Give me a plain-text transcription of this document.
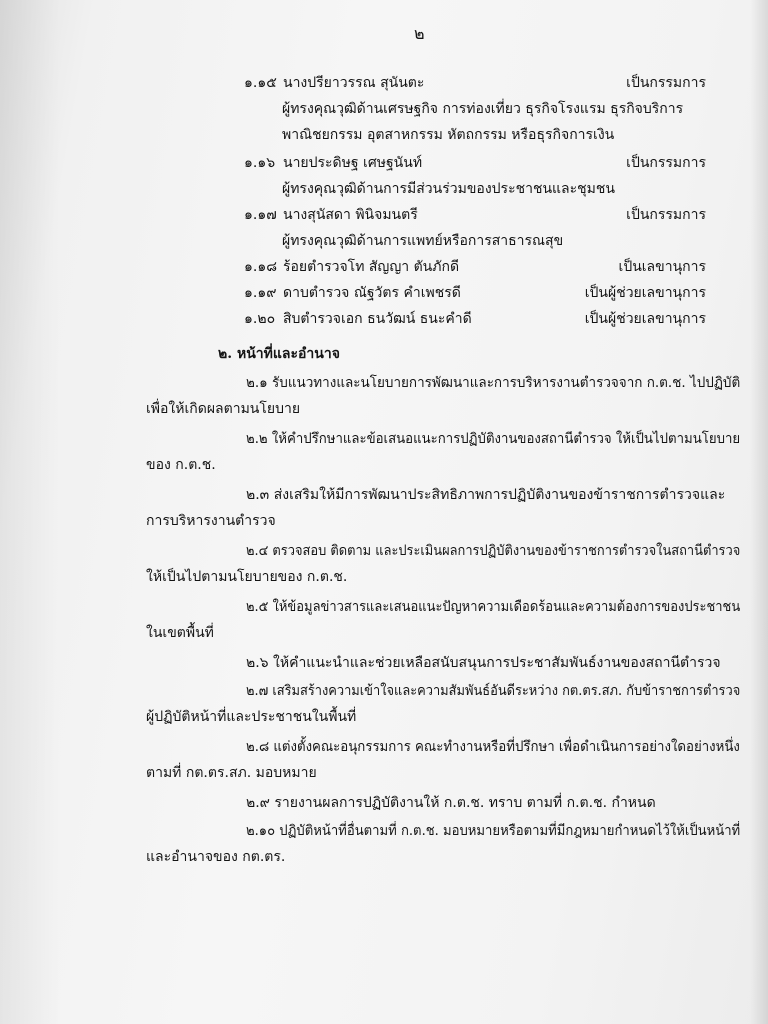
๒
๑.๑๕ นางปรียาวรรณ สุนันตะ	เป็นกรรมการ
ผู้ทรงคุณวุฒิด้านเศรษฐกิจ การท่องเที่ยว ธุรกิจโรงแรม ธุรกิจบริการ
พาณิชยกรรม อุตสาหกรรม หัตถกรรม หรือธุรกิจการเงิน
๑.๑๖ นายประดิษฐ เศษฐนันท์	เป็นกรรมการ
ผู้ทรงคุณวุฒิด้านการมีส่วนร่วมของประชาชนและชุมชน
๑.๑๗ นางสุนัสดา พินิจมนตรี	เป็นกรรมการ
ผู้ทรงคุณวุฒิด้านการแพทย์หรือการสาธารณสุข
๑.๑๘ ร้อยตำรวจโท สัญญา ตันภักดี	เป็นเลขานุการ
๑.๑๙ ดาบตำรวจ ณัฐวัตร คำเพชรดี	เป็นผู้ช่วยเลขานุการ
๑.๒๐ สิบตำรวจเอก ธนวัฒน์ ธนะคำดี	เป็นผู้ช่วยเลขานุการ
๒. หน้าที่และอำนาจ
๒.๑ รับแนวทางและนโยบายการพัฒนาและการบริหารงานตำรวจจาก ก.ต.ช. ไปปฏิบัติ
เพื่อให้เกิดผลตามนโยบาย
๒.๒ ให้คำปรึกษาและข้อเสนอแนะการปฏิบัติงานของสถานีตำรวจ ให้เป็นไปตามนโยบาย
ของ ก.ต.ช.
๒.๓ ส่งเสริมให้มีการพัฒนาประสิทธิภาพการปฏิบัติงานของข้าราชการตำรวจและ
การบริหารงานตำรวจ
๒.๔ ตรวจสอบ ติดตาม และประเมินผลการปฏิบัติงานของข้าราชการตำรวจในสถานีตำรวจ
ให้เป็นไปตามนโยบายของ ก.ต.ช.
๒.๕ ให้ข้อมูลข่าวสารและเสนอแนะปัญหาความเดือดร้อนและความต้องการของประชาชน
ในเขตพื้นที่
๒.๖ ให้คำแนะนำและช่วยเหลือสนับสนุนการประชาสัมพันธ์งานของสถานีตำรวจ
๒.๗ เสริมสร้างความเข้าใจและความสัมพันธ์อันดีระหว่าง กต.ตร.สภ. กับข้าราชการตำรวจ
ผู้ปฏิบัติหน้าที่และประชาชนในพื้นที่
๒.๘ แต่งตั้งคณะอนุกรรมการ คณะทำงานหรือที่ปรึกษา เพื่อดำเนินการอย่างใดอย่างหนึ่ง
ตามที่ กต.ตร.สภ. มอบหมาย
๒.๙ รายงานผลการปฏิบัติงานให้ ก.ต.ช. ทราบ ตามที่ ก.ต.ช. กำหนด
๒.๑๐ ปฏิบัติหน้าที่อื่นตามที่ ก.ต.ช. มอบหมายหรือตามที่มีกฎหมายกำหนดไว้ให้เป็นหน้าที่
และอำนาจของ กต.ตร.
